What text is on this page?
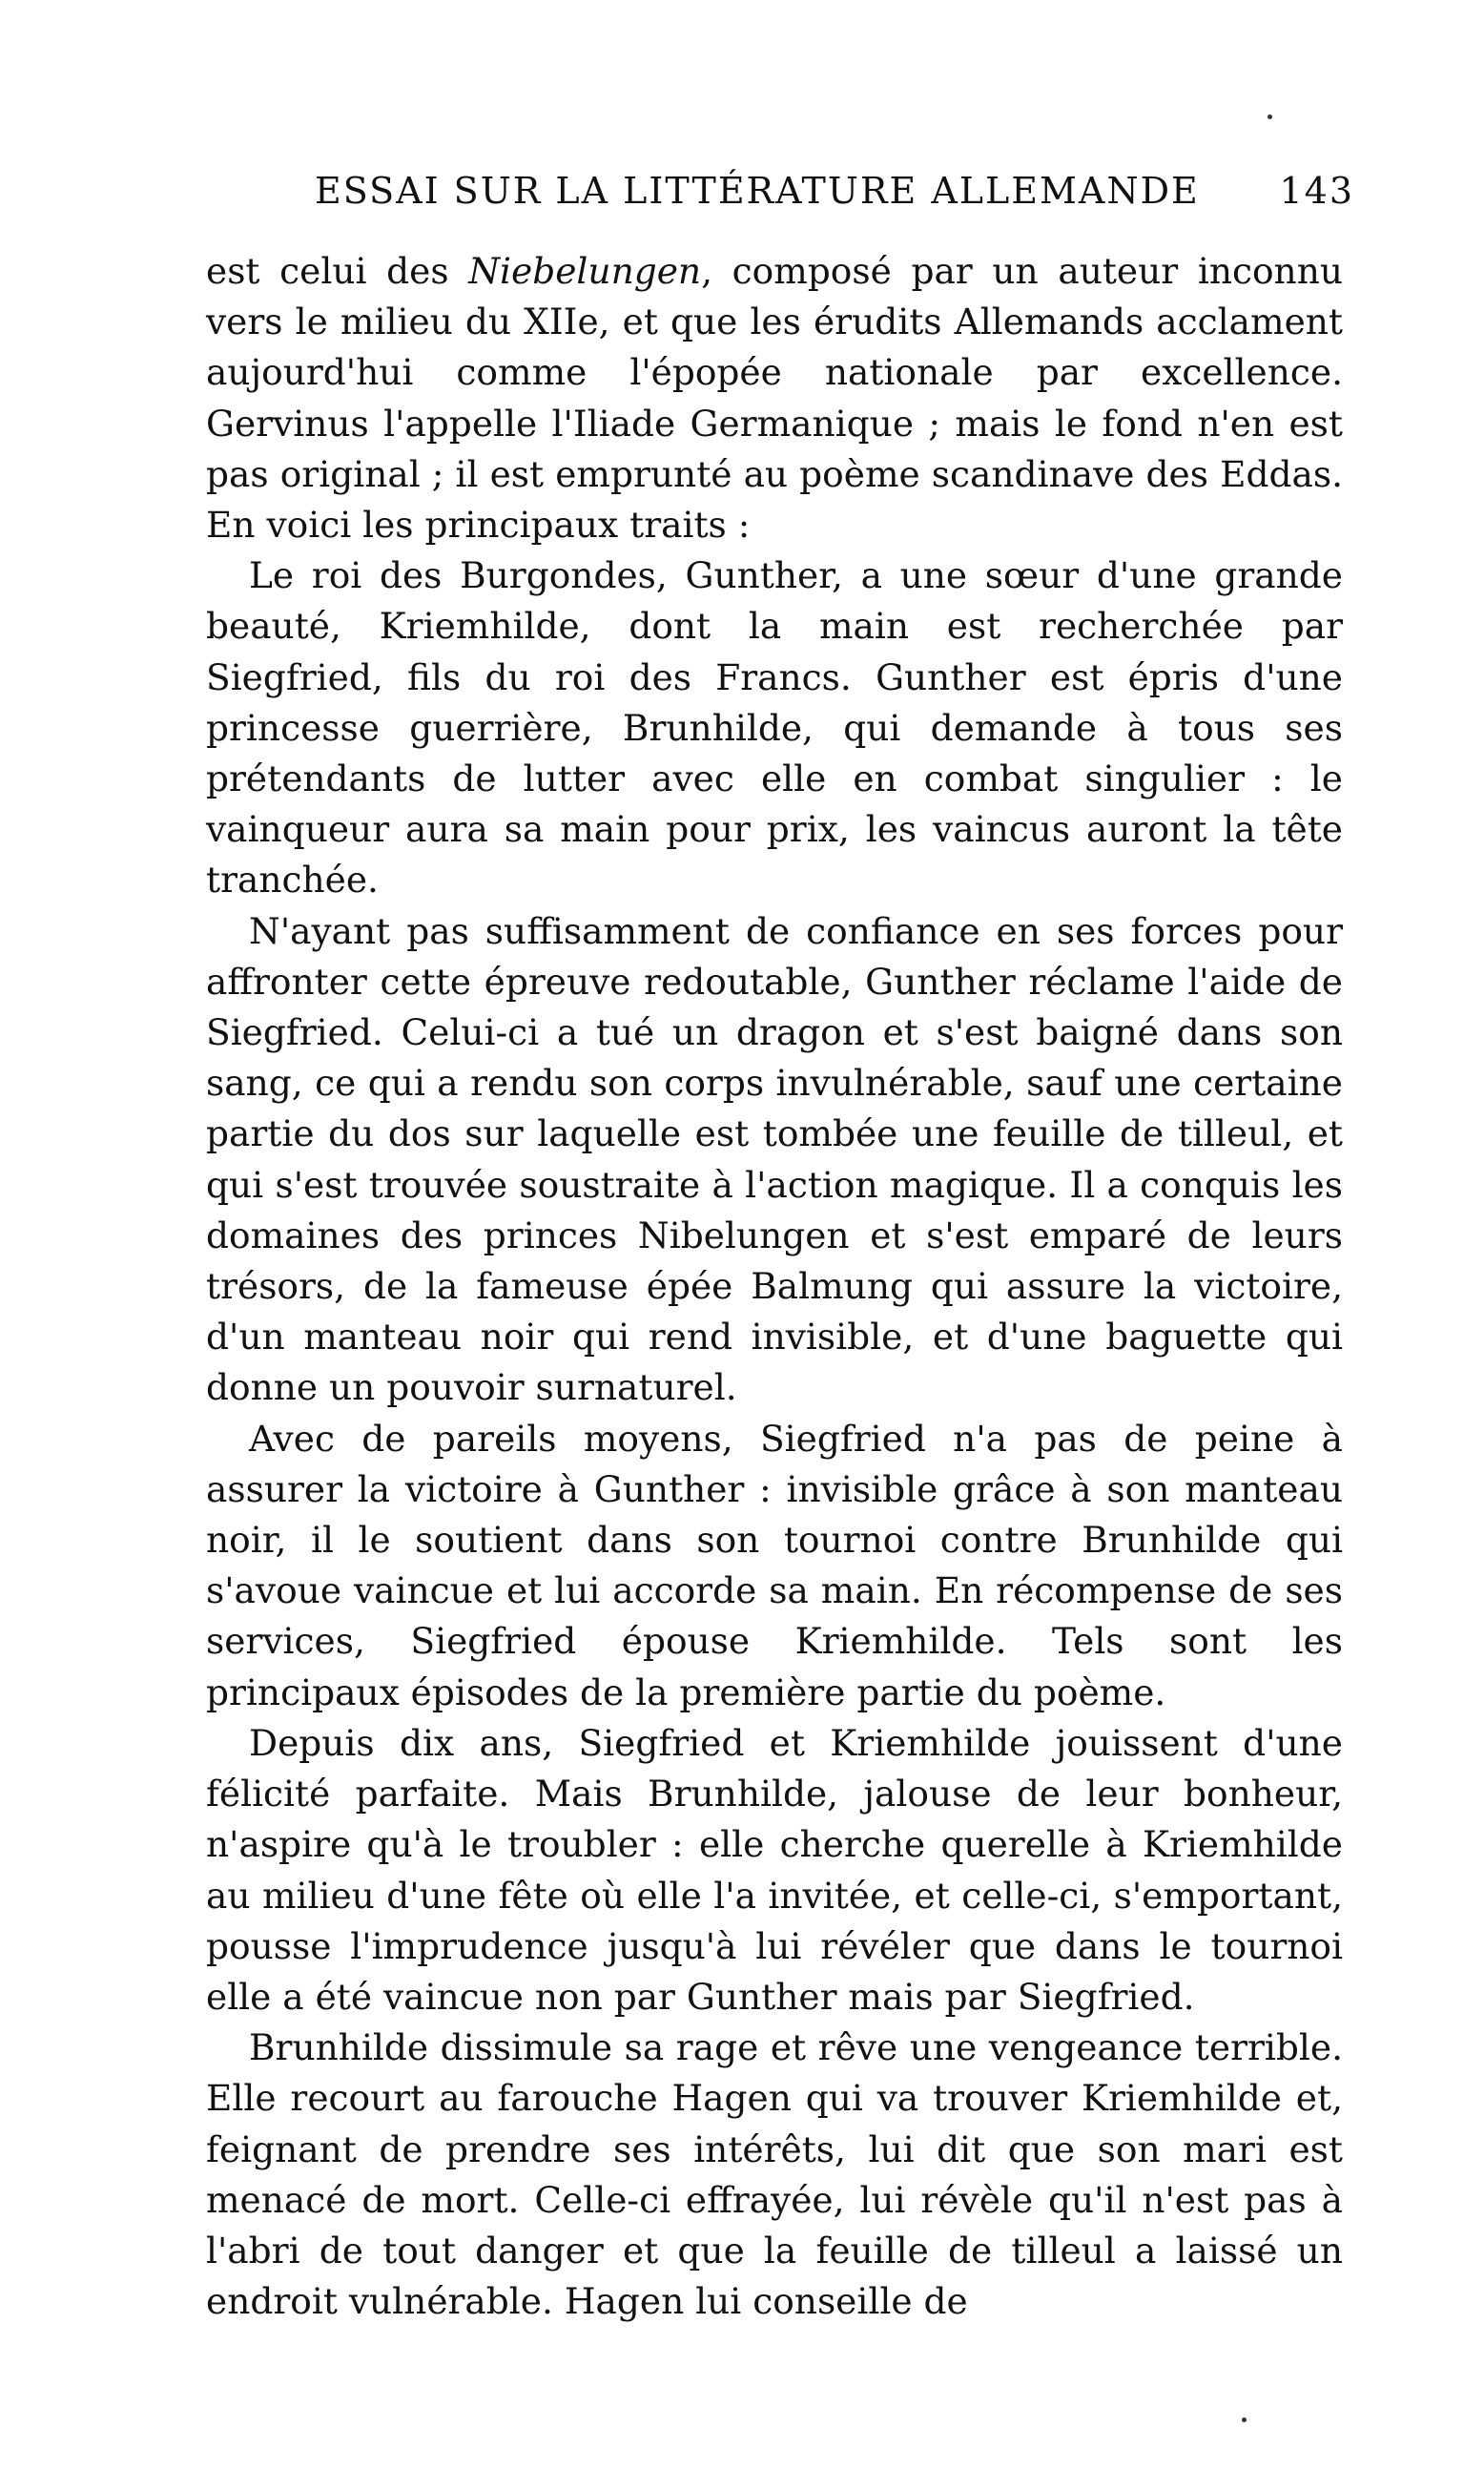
ESSAI SUR LA LITTÉRATURE ALLEMANDE 143

est celui des Niebelungen, composé par un auteur inconnu vers le milieu du XIIe, et que les érudits Allemands acclament aujourd'hui comme l'épopée nationale par excellence. Gervinus l'appelle l'Iliade Germanique ; mais le fond n'en est pas original ; il est emprunté au poème scandinave des Eddas. En voici les principaux traits :

Le roi des Burgondes, Gunther, a une sœur d'une grande beauté, Kriemhilde, dont la main est recherchée par Siegfried, fils du roi des Francs. Gunther est épris d'une princesse guerrière, Brunhilde, qui demande à tous ses prétendants de lutter avec elle en combat singulier : le vainqueur aura sa main pour prix, les vaincus auront la tête tranchée.

N'ayant pas suffisamment de confiance en ses forces pour affronter cette épreuve redoutable, Gunther réclame l'aide de Siegfried. Celui-ci a tué un dragon et s'est baigné dans son sang, ce qui a rendu son corps invulnérable, sauf une certaine partie du dos sur laquelle est tombée une feuille de tilleul, et qui s'est trouvée soustraite à l'action magique. Il a conquis les domaines des princes Nibelungen et s'est emparé de leurs trésors, de la fameuse épée Balmung qui assure la victoire, d'un manteau noir qui rend invisible, et d'une baguette qui donne un pouvoir surnaturel.

Avec de pareils moyens, Siegfried n'a pas de peine à assurer la victoire à Gunther : invisible grâce à son manteau noir, il le soutient dans son tournoi contre Brunhilde qui s'avoue vaincue et lui accorde sa main. En récompense de ses services, Siegfried épouse Kriemhilde. Tels sont les principaux épisodes de la première partie du poème.

Depuis dix ans, Siegfried et Kriemhilde jouissent d'une félicité parfaite. Mais Brunhilde, jalouse de leur bonheur, n'aspire qu'à le troubler : elle cherche querelle à Kriemhilde au milieu d'une fête où elle l'a invitée, et celle-ci, s'emportant, pousse l'imprudence jusqu'à lui révéler que dans le tournoi elle a été vaincue non par Gunther mais par Siegfried.

Brunhilde dissimule sa rage et rêve une vengeance terrible. Elle recourt au farouche Hagen qui va trouver Kriemhilde et, feignant de prendre ses intérêts, lui dit que son mari est menacé de mort. Celle-ci effrayée, lui révèle qu'il n'est pas à l'abri de tout danger et que la feuille de tilleul a laissé un endroit vulnérable. Hagen lui conseille de
